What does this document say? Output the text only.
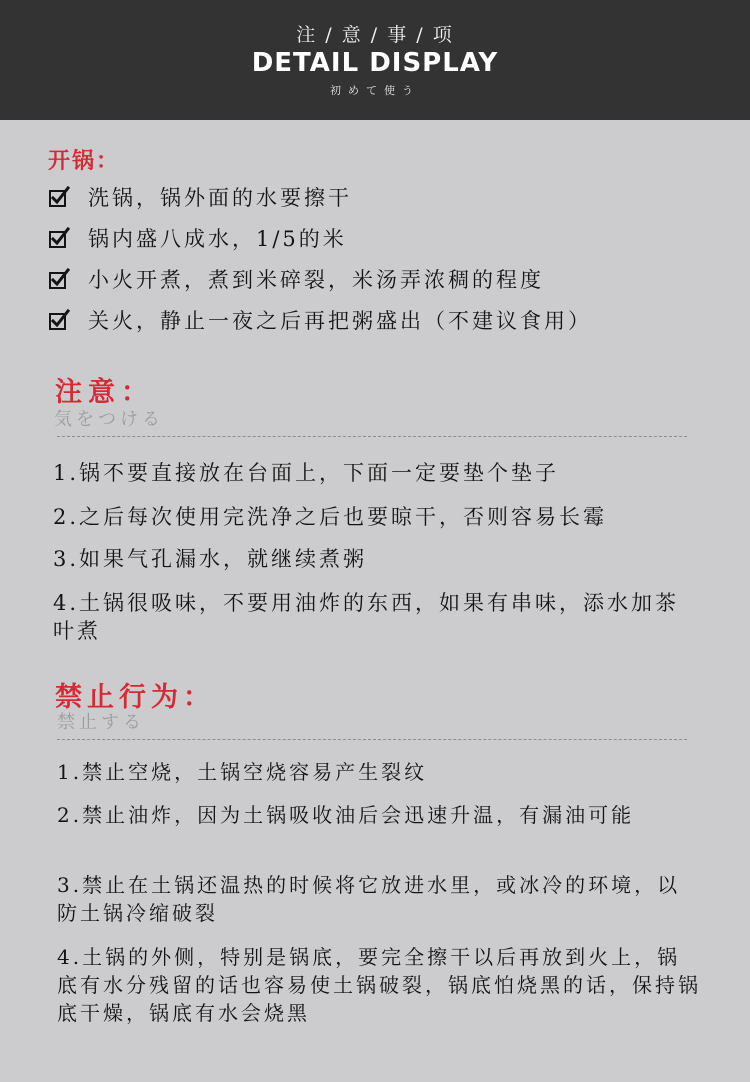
注 / 意 / 事 / 项
DETAIL DISPLAY
初めて使う
开锅：
洗锅，锅外面的水要擦干
锅内盛八成水，1/5的米
小火开煮，煮到米碎裂，米汤弄浓稠的程度
关火，静止一夜之后再把粥盛出（不建议食用）
注意：
気をつける
1.锅不要直接放在台面上，下面一定要垫个垫子
2.之后每次使用完洗净之后也要晾干，否则容易长霉
3.如果气孔漏水，就继续煮粥
4.土锅很吸味，不要用油炸的东西，如果有串味，添水加茶叶煮
禁止行为：
禁止する
1.禁止空烧，土锅空烧容易产生裂纹
2.禁止油炸，因为土锅吸收油后会迅速升温，有漏油可能
3.禁止在土锅还温热的时候将它放进水里，或冰冷的环境，以防土锅冷缩破裂
4.土锅的外侧，特别是锅底，要完全擦干以后再放到火上，锅底有水分残留的话也容易使土锅破裂，锅底怕烧黑的话，保持锅底干燥，锅底有水会烧黑
